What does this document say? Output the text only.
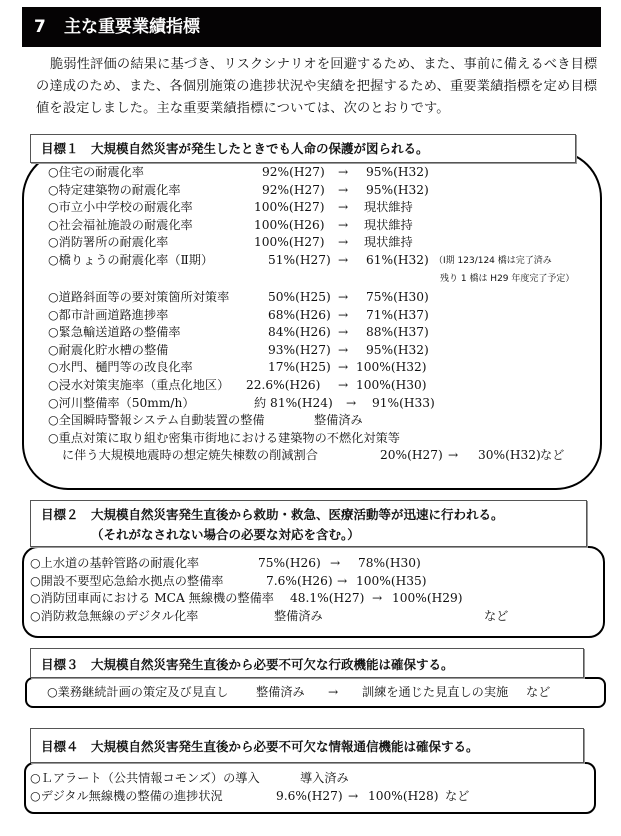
7 主な重要業績指標
脆弱性評価の結果に基づき、リスクシナリオを回避するため、また、事前に備えるべき目標の達成のため、また、各個別施策の進捗状況や実績を把握するため、重要業績指標を定め目標値を設定しました。主な重要業績指標については、次のとおりです。
目標１ 大規模自然災害が発生したときでも人命の保護が図られる。
○住宅の耐震化率	92%(H27) → 95%(H32)
○特定建築物の耐震化率	92%(H27) → 95%(H32)
○市立小中学校の耐震化率	100%(H27) → 現状維持
○社会福祉施設の耐震化率	100%(H26) → 現状維持
○消防署所の耐震化率	100%(H27) → 現状維持
○橋りょうの耐震化率（Ⅱ期）	51%(H27) → 61%(H32) （Ⅰ期 123/124 橋は完了済み
残り 1 橋は H29 年度完了予定）
○道路斜面等の要対策箇所対策率	50%(H25) → 75%(H30)
○都市計画道路進捗率	68%(H26) → 71%(H37)
○緊急輸送道路の整備率	84%(H26) → 88%(H37)
○耐震化貯水槽の整備	93%(H27) → 95%(H32)
○水門、樋門等の改良化率	17%(H25) → 100%(H32)
○浸水対策実施率（重点化地区） 22.6%(H26) → 100%(H30)
○河川整備率（50mm/h）	約 81%(H24) → 91%(H33)
○全国瞬時警報システム自動装置の整備	整備済み
○重点対策に取り組む密集市街地における建築物の不燃化対策等
に伴う大規模地震時の想定焼失棟数の削減割合	20%(H27) → 30%(H32) など
目標２ 大規模自然災害発生直後から救助・救急、医療活動等が迅速に行われる。
（それがなされない場合の必要な対応を含む。）
○上水道の基幹管路の耐震化率	75%(H26) → 78%(H30)
○開設不要型応急給水拠点の整備率	7.6%(H26) → 100%(H35)
○消防団車両における MCA 無線機の整備率 48.1%(H27) → 100%(H29)
○消防救急無線のデジタル化率	整備済み	など
目標３ 大規模自然災害発生直後から必要不可欠な行政機能は確保する。
○業務継続計画の策定及び見直し 整備済み → 訓練を通じた見直しの実施 など
目標４ 大規模自然災害発生直後から必要不可欠な情報通信機能は確保する。
○Ｌアラート（公共情報コモンズ）の導入	導入済み
○デジタル無線機の整備の進捗状況	9.6%(H27) → 100%(H28) など
